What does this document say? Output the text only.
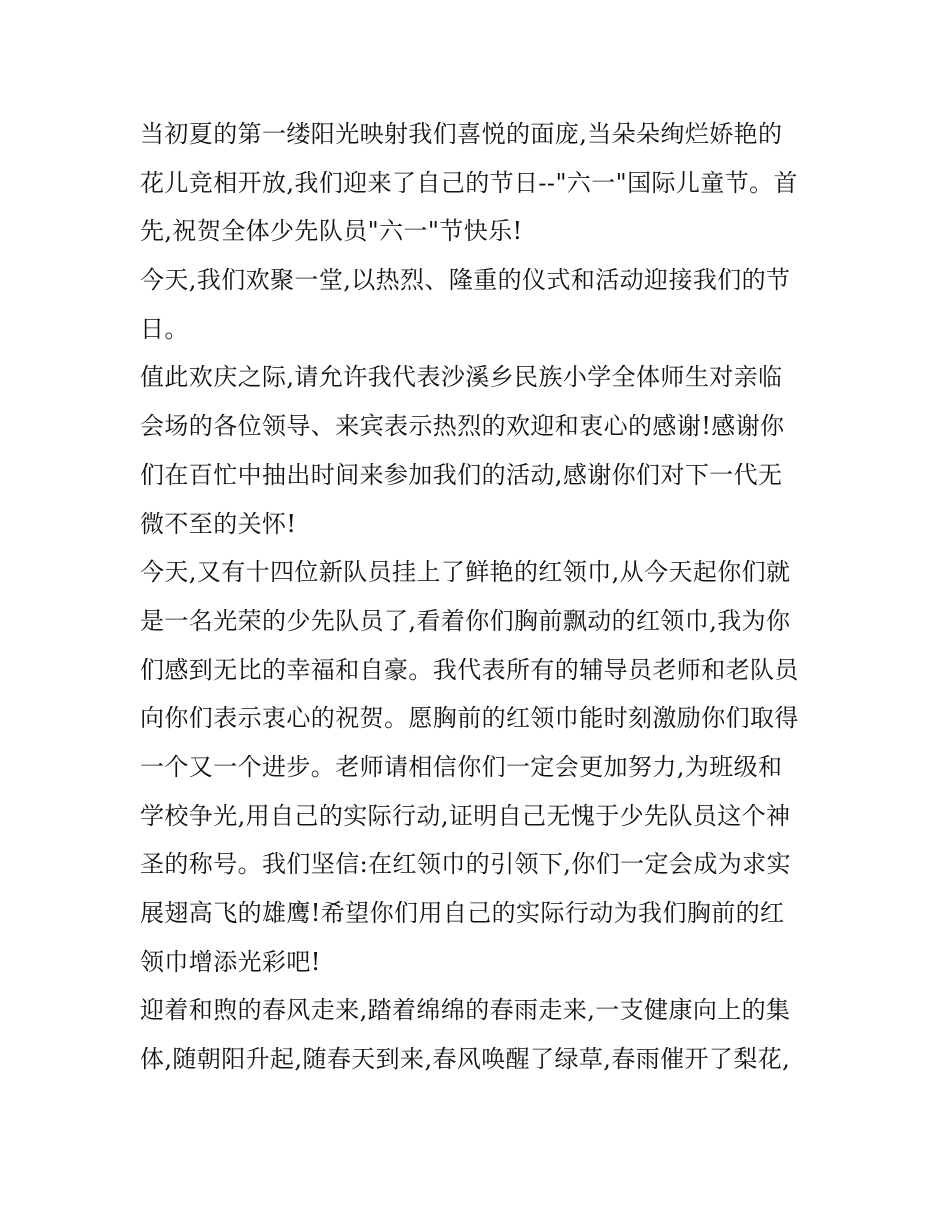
当初夏的第一缕阳光映射我们喜悦的面庞,当朵朵绚烂娇艳的
花儿竞相开放,我们迎来了自己的节日--"六一"国际儿童节。首
先,祝贺全体少先队员"六一"节快乐!
今天,我们欢聚一堂,以热烈、隆重的仪式和活动迎接我们的节
日。
值此欢庆之际,请允许我代表沙溪乡民族小学全体师生对亲临
会场的各位领导、来宾表示热烈的欢迎和衷心的感谢!感谢你
们在百忙中抽出时间来参加我们的活动,感谢你们对下一代无
微不至的关怀!
今天,又有十四位新队员挂上了鲜艳的红领巾,从今天起你们就
是一名光荣的少先队员了,看着你们胸前飘动的红领巾,我为你
们感到无比的幸福和自豪。我代表所有的辅导员老师和老队员
向你们表示衷心的祝贺。愿胸前的红领巾能时刻激励你们取得
一个又一个进步。老师请相信你们一定会更加努力,为班级和
学校争光,用自己的实际行动,证明自己无愧于少先队员这个神
圣的称号。我们坚信:在红领巾的引领下,你们一定会成为求实
展翅高飞的雄鹰!希望你们用自己的实际行动为我们胸前的红
领巾增添光彩吧!
迎着和煦的春风走来,踏着绵绵的春雨走来,一支健康向上的集
体,随朝阳升起,随春天到来,春风唤醒了绿草,春雨催开了梨花,
